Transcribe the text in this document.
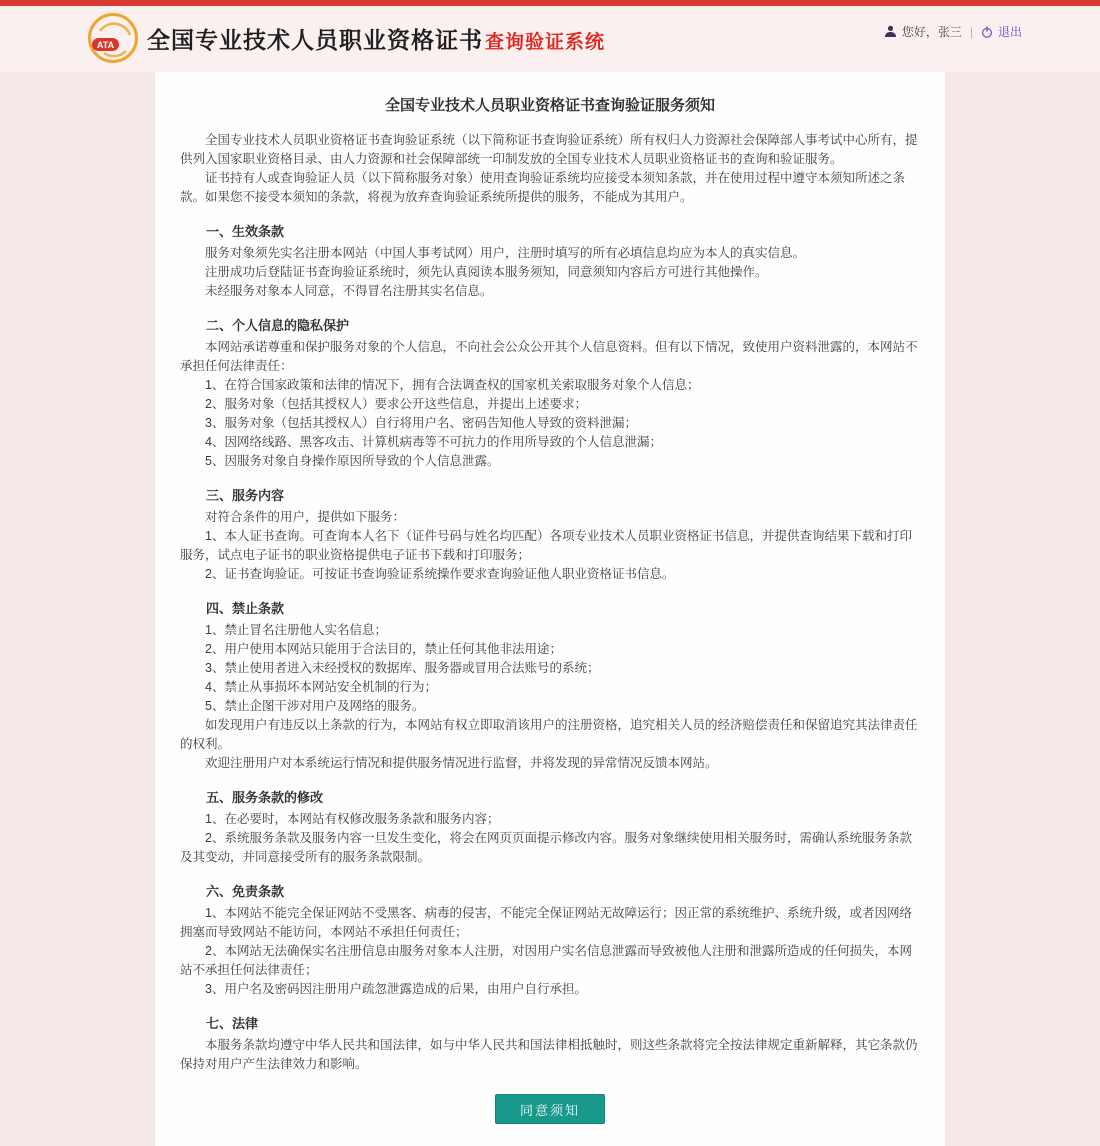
ATA 全国专业技术人员职业资格证书 查询验证系统	您好，张三 | 退出
全国专业技术人员职业资格证书查询验证服务须知
全国专业技术人员职业资格证书查询验证系统（以下简称证书查询验证系统）所有权归人力资源社会保障部人事考试中心所有，提供列入国家职业资格目录、由人力资源和社会保障部统一印制发放的全国专业技术人员职业资格证书的查询和验证服务。
证书持有人或查询验证人员（以下简称服务对象）使用查询验证系统均应接受本须知条款，并在使用过程中遵守本须知所述之条款。如果您不接受本须知的条款，将视为放弃查询验证系统所提供的服务，不能成为其用户。
一、生效条款
服务对象须先实名注册本网站（中国人事考试网）用户，注册时填写的所有必填信息均应为本人的真实信息。
注册成功后登陆证书查询验证系统时，须先认真阅读本服务须知，同意须知内容后方可进行其他操作。
未经服务对象本人同意，不得冒名注册其实名信息。
二、个人信息的隐私保护
本网站承诺尊重和保护服务对象的个人信息，不向社会公众公开其个人信息资料。但有以下情况，致使用户资料泄露的，本网站不承担任何法律责任：
1、在符合国家政策和法律的情况下，拥有合法调查权的国家机关索取服务对象个人信息；
2、服务对象（包括其授权人）要求公开这些信息，并提出上述要求；
3、服务对象（包括其授权人）自行将用户名、密码告知他人导致的资料泄漏；
4、因网络线路、黑客攻击、计算机病毒等不可抗力的作用所导致的个人信息泄漏；
5、因服务对象自身操作原因所导致的个人信息泄露。
三、服务内容
对符合条件的用户，提供如下服务：
1、本人证书查询。可查询本人名下（证件号码与姓名均匹配）各项专业技术人员职业资格证书信息，并提供查询结果下载和打印服务，试点电子证书的职业资格提供电子证书下载和打印服务；
2、证书查询验证。可按证书查询验证系统操作要求查询验证他人职业资格证书信息。
四、禁止条款
1、禁止冒名注册他人实名信息；
2、用户使用本网站只能用于合法目的，禁止任何其他非法用途；
3、禁止使用者进入未经授权的数据库、服务器或冒用合法账号的系统；
4、禁止从事损坏本网站安全机制的行为；
5、禁止企图干涉对用户及网络的服务。
如发现用户有违反以上条款的行为，本网站有权立即取消该用户的注册资格，追究相关人员的经济赔偿责任和保留追究其法律责任的权利。
欢迎注册用户对本系统运行情况和提供服务情况进行监督，并将发现的异常情况反馈本网站。
五、服务条款的修改
1、在必要时，本网站有权修改服务条款和服务内容；
2、系统服务条款及服务内容一旦发生变化，将会在网页页面提示修改内容。服务对象继续使用相关服务时，需确认系统服务条款及其变动，并同意接受所有的服务条款限制。
六、免责条款
1、本网站不能完全保证网站不受黑客、病毒的侵害，不能完全保证网站无故障运行；因正常的系统维护、系统升级，或者因网络拥塞而导致网站不能访问，本网站不承担任何责任；
2、本网站无法确保实名注册信息由服务对象本人注册，对因用户实名信息泄露而导致被他人注册和泄露所造成的任何损失，本网站不承担任何法律责任；
3、用户名及密码因注册用户疏忽泄露造成的后果，由用户自行承担。
七、法律
本服务条款均遵守中华人民共和国法律，如与中华人民共和国法律相抵触时，则这些条款将完全按法律规定重新解释，其它条款仍保持对用户产生法律效力和影响。
同意须知
